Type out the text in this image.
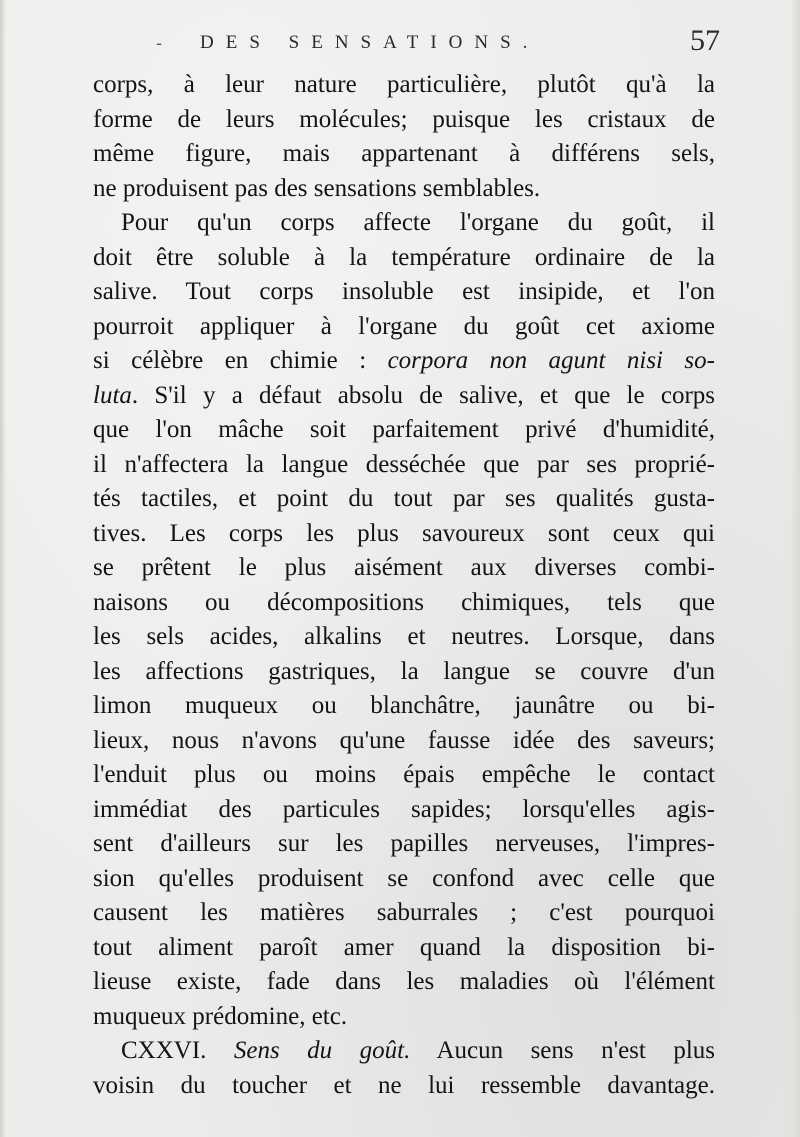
- DES SENSATIONS.	57
corps, à leur nature particulière, plutôt qu'à la
forme de leurs molécules; puisque les cristaux de
même figure, mais appartenant à différens sels,
ne produisent pas des sensations semblables.
Pour qu'un corps affecte l'organe du goût, il
doit être soluble à la température ordinaire de la
salive. Tout corps insoluble est insipide, et l'on
pourroit appliquer à l'organe du goût cet axiome
si célèbre en chimie : corpora non agunt nisi so-
luta. S'il y a défaut absolu de salive, et que le corps
que l'on mâche soit parfaitement privé d'humidité,
il n'affectera la langue desséchée que par ses proprié-
tés tactiles, et point du tout par ses qualités gusta-
tives. Les corps les plus savoureux sont ceux qui
se prêtent le plus aisément aux diverses combi-
naisons ou décompositions chimiques, tels que
les sels acides, alkalins et neutres. Lorsque, dans
les affections gastriques, la langue se couvre d'un
limon muqueux ou blanchâtre, jaunâtre ou bi-
lieux, nous n'avons qu'une fausse idée des saveurs;
l'enduit plus ou moins épais empêche le contact
immédiat des particules sapides; lorsqu'elles agis-
sent d'ailleurs sur les papilles nerveuses, l'impres-
sion qu'elles produisent se confond avec celle que
causent les matières saburrales ; c'est pourquoi
tout aliment paroît amer quand la disposition bi-
lieuse existe, fade dans les maladies où l'élément
muqueux prédomine, etc.
CXXVI. Sens du goût. Aucun sens n'est plus
voisin du toucher et ne lui ressemble davantage.
